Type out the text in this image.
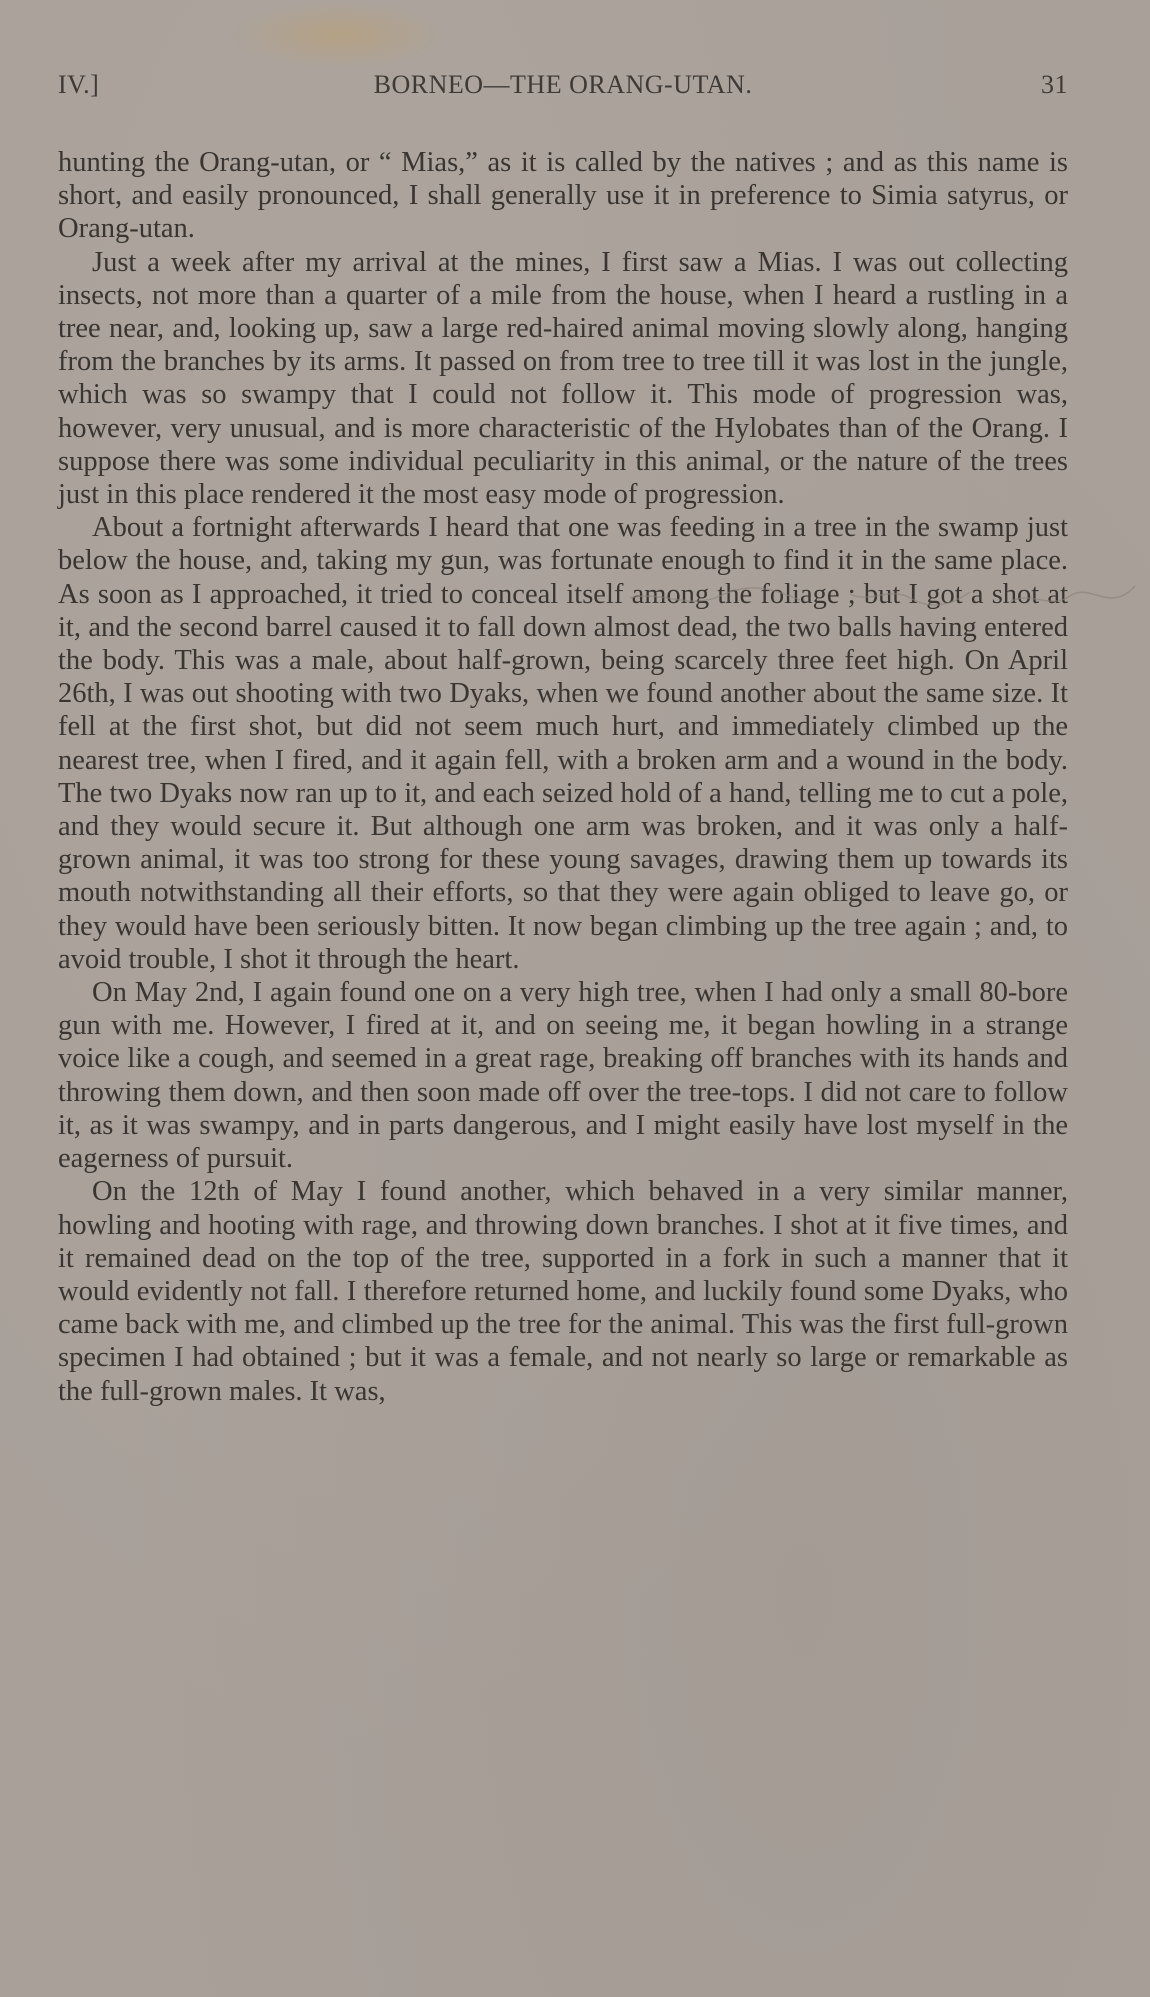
IV.]	BORNEO—THE ORANG-UTAN.	31

hunting the Orang-utan, or “ Mias,” as it is called by the natives ; and as this name is short, and easily pronounced, I shall generally use it in preference to Simia satyrus, or Orang-utan.

Just a week after my arrival at the mines, I first saw a Mias. I was out collecting insects, not more than a quarter of a mile from the house, when I heard a rustling in a tree near, and, looking up, saw a large red-haired animal moving slowly along, hanging from the branches by its arms. It passed on from tree to tree till it was lost in the jungle, which was so swampy that I could not follow it. This mode of progression was, however, very unusual, and is more characteristic of the Hylobates than of the Orang. I suppose there was some individual peculiarity in this animal, or the nature of the trees just in this place rendered it the most easy mode of progression.

About a fortnight afterwards I heard that one was feeding in a tree in the swamp just below the house, and, taking my gun, was fortunate enough to find it in the same place. As soon as I approached, it tried to conceal itself among the foliage ; but I got a shot at it, and the second barrel caused it to fall down almost dead, the two balls having entered the body. This was a male, about half-grown, being scarcely three feet high. On April 26th, I was out shooting with two Dyaks, when we found another about the same size. It fell at the first shot, but did not seem much hurt, and immediately climbed up the nearest tree, when I fired, and it again fell, with a broken arm and a wound in the body. The two Dyaks now ran up to it, and each seized hold of a hand, telling me to cut a pole, and they would secure it. But although one arm was broken, and it was only a half-grown animal, it was too strong for these young savages, drawing them up towards its mouth notwithstanding all their efforts, so that they were again obliged to leave go, or they would have been seriously bitten. It now began climbing up the tree again ; and, to avoid trouble, I shot it through the heart.

On May 2nd, I again found one on a very high tree, when I had only a small 80-bore gun with me. However, I fired at it, and on seeing me, it began howling in a strange voice like a cough, and seemed in a great rage, breaking off branches with its hands and throwing them down, and then soon made off over the tree-tops. I did not care to follow it, as it was swampy, and in parts dangerous, and I might easily have lost myself in the eagerness of pursuit.

On the 12th of May I found another, which behaved in a very similar manner, howling and hooting with rage, and throwing down branches. I shot at it five times, and it remained dead on the top of the tree, supported in a fork in such a manner that it would evidently not fall. I therefore returned home, and luckily found some Dyaks, who came back with me, and climbed up the tree for the animal. This was the first full-grown specimen I had obtained ; but it was a female, and not nearly so large or remarkable as the full-grown males. It was,
